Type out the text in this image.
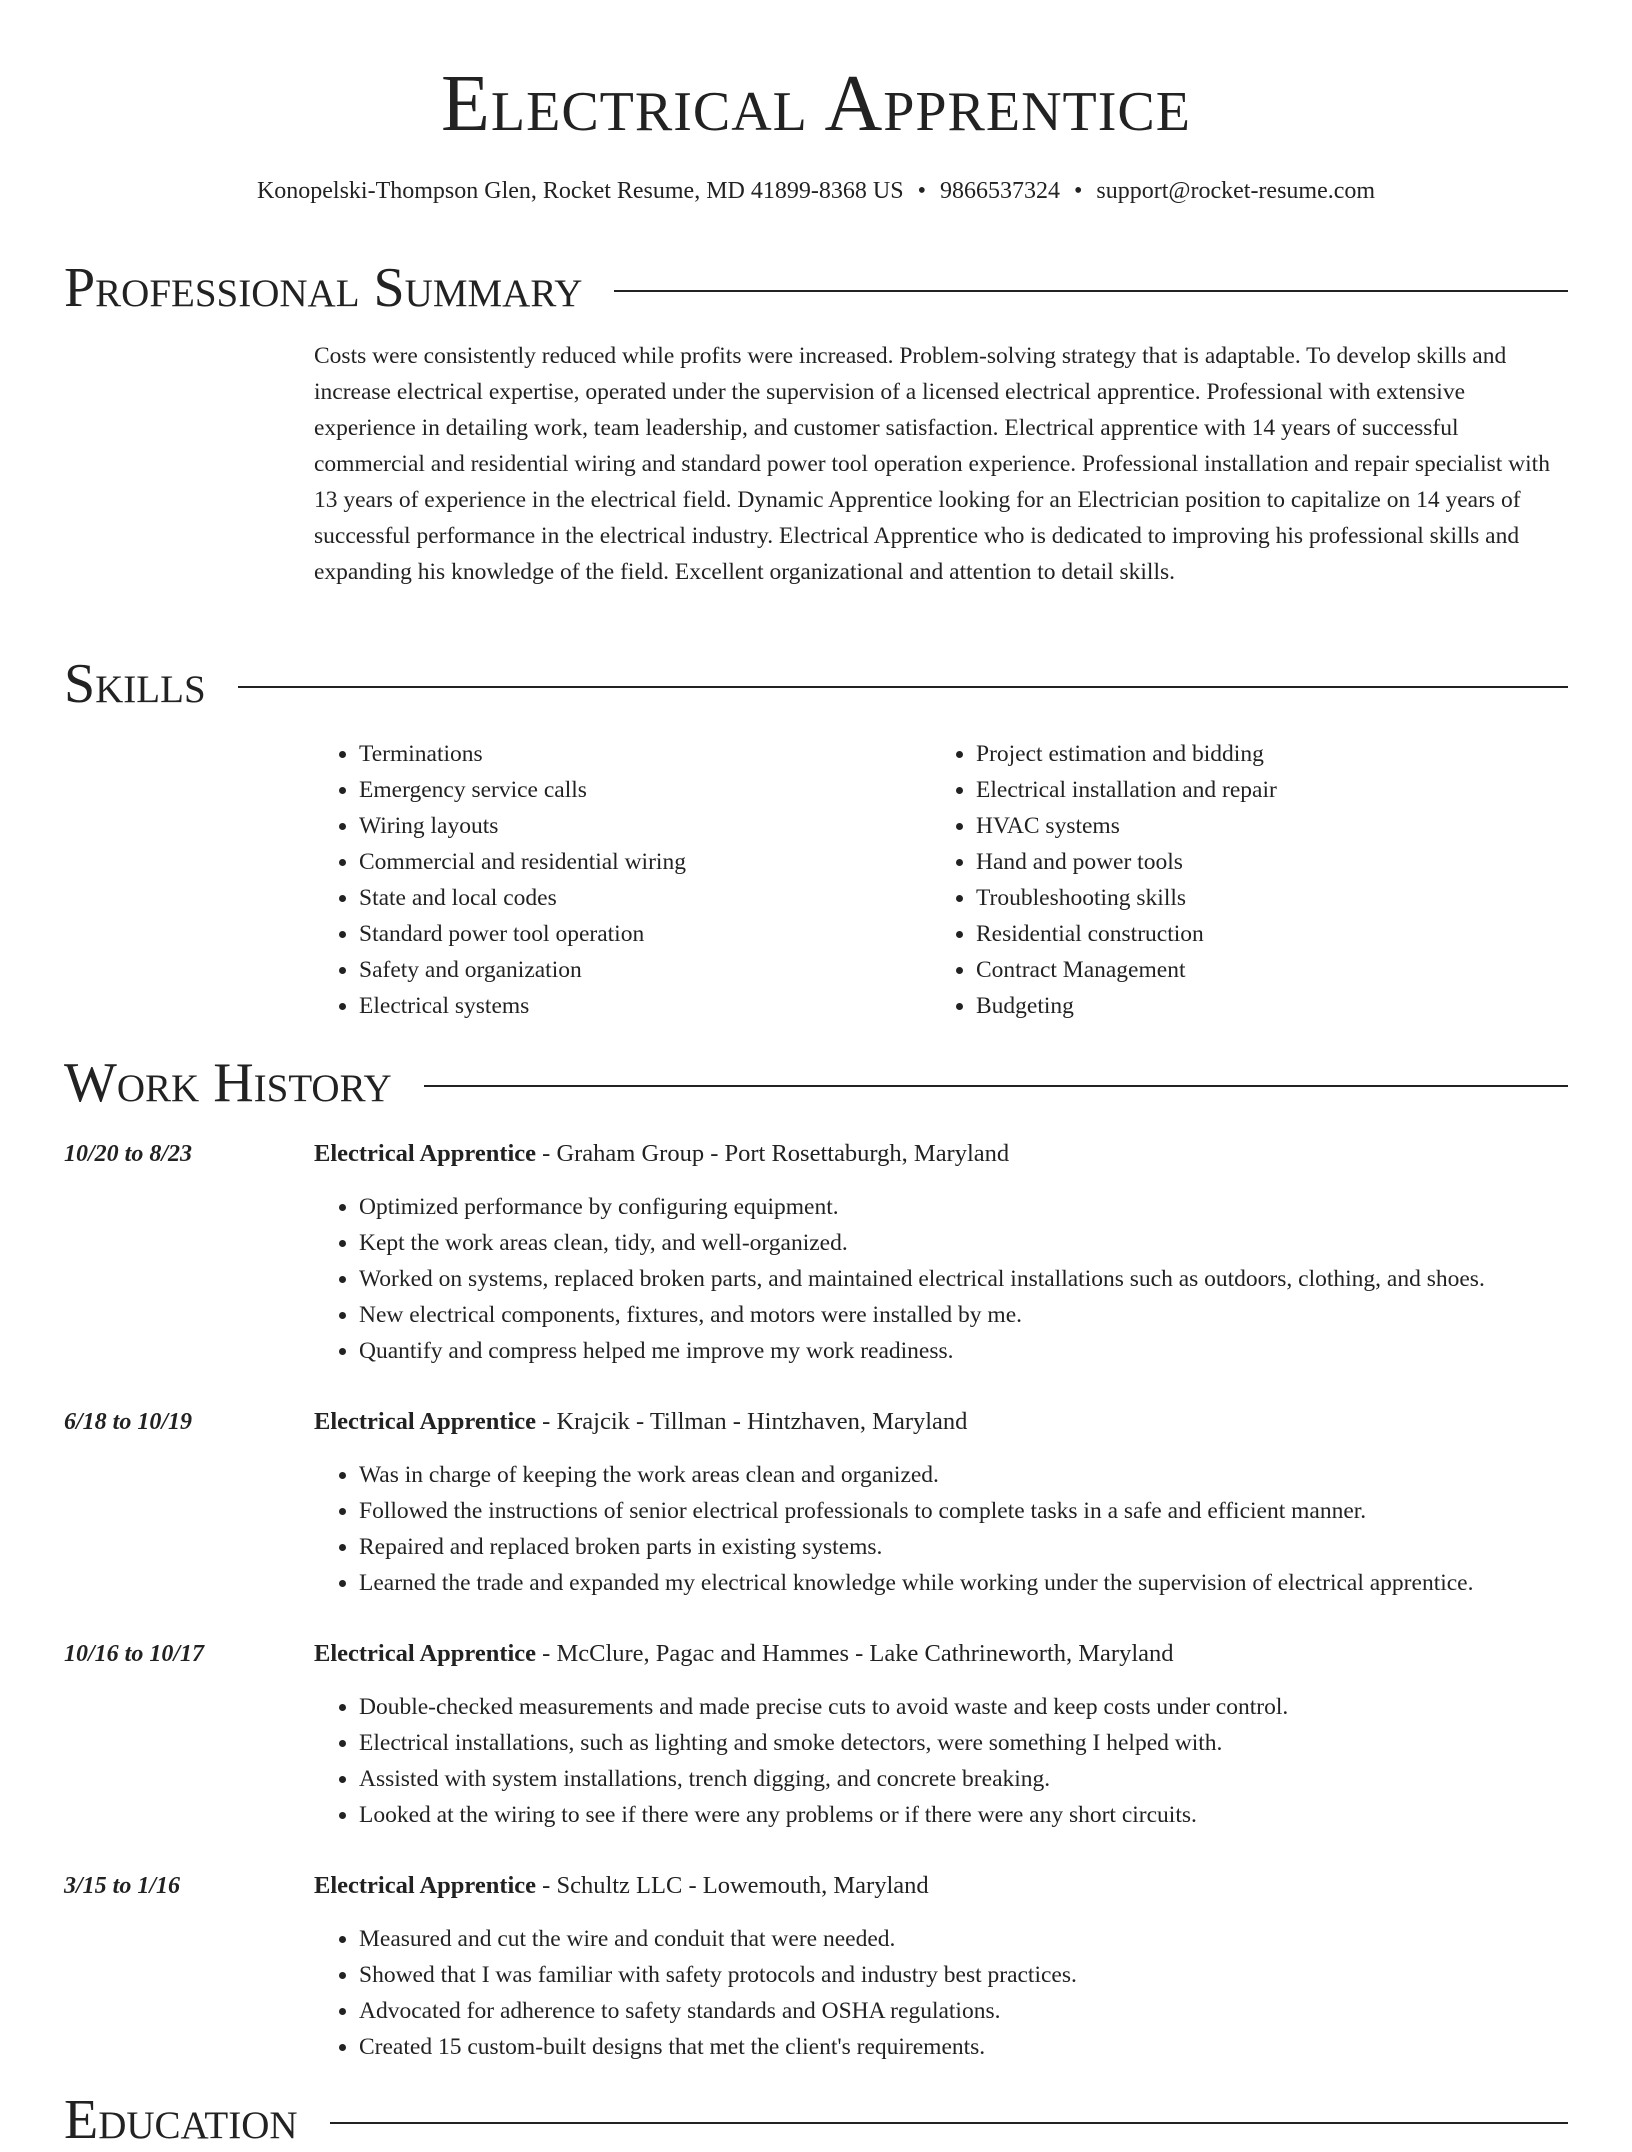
Electrical Apprentice
Konopelski-Thompson Glen, Rocket Resume, MD 41899-8368 US • 9866537324 • support@rocket-resume.com
Professional Summary

Costs were consistently reduced while profits were increased. Problem-solving strategy that is adaptable. To develop skills and increase electrical expertise, operated under the supervision of a licensed electrical apprentice. Professional with extensive experience in detailing work, team leadership, and customer satisfaction. Electrical apprentice with 14 years of successful commercial and residential wiring and standard power tool operation experience. Professional installation and repair specialist with 13 years of experience in the electrical field. Dynamic Apprentice looking for an Electrician position to capitalize on 14 years of successful performance in the electrical industry. Electrical Apprentice who is dedicated to improving his professional skills and expanding his knowledge of the field. Excellent organizational and attention to detail skills.

Skills
• Terminations
• Emergency service calls
• Wiring layouts
• Commercial and residential wiring
• State and local codes
• Standard power tool operation
• Safety and organization
• Electrical systems
• Project estimation and bidding
• Electrical installation and repair
• HVAC systems
• Hand and power tools
• Troubleshooting skills
• Residential construction
• Contract Management
• Budgeting
Work History
10/20 to 8/23	Electrical Apprentice - Graham Group - Port Rosettaburgh, Maryland
• Optimized performance by configuring equipment.
• Kept the work areas clean, tidy, and well-organized.
• Worked on systems, replaced broken parts, and maintained electrical installations such as outdoors, clothing, and shoes.
• New electrical components, fixtures, and motors were installed by me.
• Quantify and compress helped me improve my work readiness.
6/18 to 10/19	Electrical Apprentice - Krajcik - Tillman - Hintzhaven, Maryland
• Was in charge of keeping the work areas clean and organized.
• Followed the instructions of senior electrical professionals to complete tasks in a safe and efficient manner.
• Repaired and replaced broken parts in existing systems.
• Learned the trade and expanded my electrical knowledge while working under the supervision of electrical apprentice.
10/16 to 10/17	Electrical Apprentice - McClure, Pagac and Hammes - Lake Cathrineworth, Maryland
• Double-checked measurements and made precise cuts to avoid waste and keep costs under control.
• Electrical installations, such as lighting and smoke detectors, were something I helped with.
• Assisted with system installations, trench digging, and concrete breaking.
• Looked at the wiring to see if there were any problems or if there were any short circuits.
3/15 to 1/16	Electrical Apprentice - Schultz LLC - Lowemouth, Maryland
• Measured and cut the wire and conduit that were needed.
• Showed that I was familiar with safety protocols and industry best practices.
• Advocated for adherence to safety standards and OSHA regulations.
• Created 15 custom-built designs that met the client's requirements.
Education
